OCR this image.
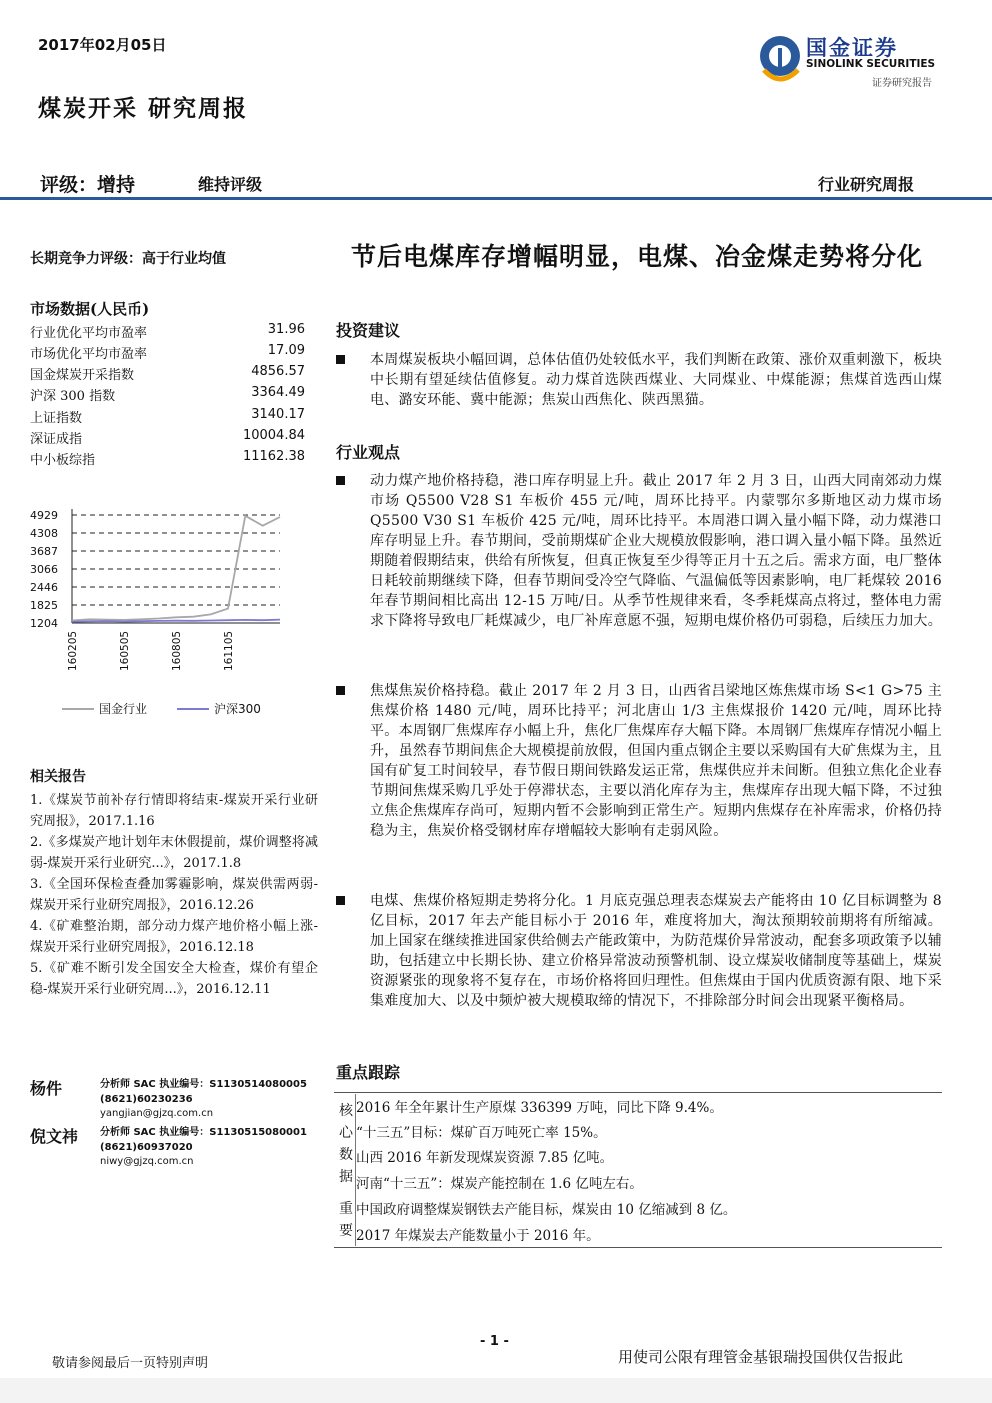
2017年02月05日
煤炭开采 研究周报
国金证券
SINOLINK SECURITIES
证券研究报告
评级：增持	维持评级	行业研究周报
长期竞争力评级：高于行业均值
市场数据(人民币)
行业优化平均市盈率	31.96
市场优化平均市盈率	17.09
国金煤炭开采指数	4856.57
沪深 300 指数	3364.49
上证指数	3140.17
深证成指	10004.84
中小板综指	11162.38
4929
4308
3687
3066
2446
1825
1204
160205	160505	160805	161105
国金行业	沪深300
相关报告
1.《煤炭节前补存行情即将结束-煤炭开采行业研究周报》，2017.1.16
2.《多煤炭产地计划年末休假提前，煤价调整将减弱-煤炭开采行业研究...》，2017.1.8
3.《全国环保检查叠加雾霾影响，煤炭供需两弱-煤炭开采行业研究周报》，2016.12.26
4.《矿难整治期，部分动力煤产地价格小幅上涨-煤炭开采行业研究周报》，2016.12.18
5.《矿难不断引发全国安全大检查，煤价有望企稳-煤炭开采行业研究周...》，2016.12.11
杨件	分析师 SAC 执业编号：S1130514080005
(8621)60230236
yangjian@gjzq.com.cn
倪文祎 分析师 SAC 执业编号：S1130515080001
(8621)60937020
niwy@gjzq.com.cn
节后电煤库存增幅明显，电煤、冶金煤走势将分化
投资建议
本周煤炭板块小幅回调，总体估值仍处较低水平，我们判断在政策、涨价双重刺激下，板块中长期有望延续估值修复。动力煤首选陕西煤业、大同煤业、中煤能源；焦煤首选西山煤电、潞安环能、冀中能源；焦炭山西焦化、陕西黑猫。
行业观点
动力煤产地价格持稳，港口库存明显上升。截止 2017 年 2 月 3 日，山西大同南郊动力煤市场 Q5500 V28 S1 车板价 455 元/吨，周环比持平。内蒙鄂尔多斯地区动力煤市场 Q5500 V30 S1 车板价 425 元/吨，周环比持平。本周港口调入量小幅下降，动力煤港口库存明显上升。春节期间，受前期煤矿企业大规模放假影响，港口调入量小幅下降。虽然近期随着假期结束，供给有所恢复，但真正恢复至少得等正月十五之后。需求方面，电厂整体日耗较前期继续下降，但春节期间受冷空气降临、气温偏低等因素影响，电厂耗煤较 2016 年春节期间相比高出 12-15 万吨/日。从季节性规律来看，冬季耗煤高点将过，整体电力需求下降将导致电厂耗煤减少，电厂补库意愿不强，短期电煤价格仍可弱稳，后续压力加大。
焦煤焦炭价格持稳。截止 2017 年 2 月 3 日，山西省吕梁地区炼焦煤市场 S<1 G>75 主焦煤价格 1480 元/吨，周环比持平；河北唐山 1/3 主焦煤报价 1420 元/吨，周环比持平。本周钢厂焦煤库存小幅上升，焦化厂焦煤库存大幅下降。本周钢厂焦煤库存情况小幅上升，虽然春节期间焦企大规模提前放假，但国内重点钢企主要以采购国有大矿焦煤为主，且国有矿复工时间较早，春节假日期间铁路发运正常，焦煤供应并未间断。但独立焦化企业春节期间焦煤采购几乎处于停滞状态，主要以消化库存为主，焦煤库存出现大幅下降，不过独立焦企焦煤库存尚可，短期内暂不会影响到正常生产。短期内焦煤存在补库需求，价格仍持稳为主，焦炭价格受钢材库存增幅较大影响有走弱风险。
电煤、焦煤价格短期走势将分化。1 月底克强总理表态煤炭去产能将由 10 亿目标调整为 8 亿目标，2017 年去产能目标小于 2016 年，难度将加大，淘汰预期较前期将有所缩减。加上国家在继续推进国家供给侧去产能政策中，为防范煤价异常波动，配套多项政策予以辅助，包括建立中长期长协、建立价格异常波动预警机制、设立煤炭收储制度等基础上，煤炭资源紧张的现象将不复存在，市场价格将回归理性。但焦煤由于国内优质资源有限、地下采集难度加大、以及中频炉被大规模取缔的情况下，不排除部分时间会出现紧平衡格局。
重点跟踪
核
心
数
据
重
要
2016 年全年累计生产原煤 336399 万吨，同比下降 9.4%。
“十三五”目标：煤矿百万吨死亡率 15%。
山西 2016 年新发现煤炭资源 7.85 亿吨。
河南“十三五”：煤炭产能控制在 1.6 亿吨左右。
中国政府调整煤炭钢铁去产能目标，煤炭由 10 亿缩减到 8 亿。
2017 年煤炭去产能数量小于 2016 年。
- 1 -
敬请参阅最后一页特别声明	用使司公限有理管金基银瑞投国供仅告报此
